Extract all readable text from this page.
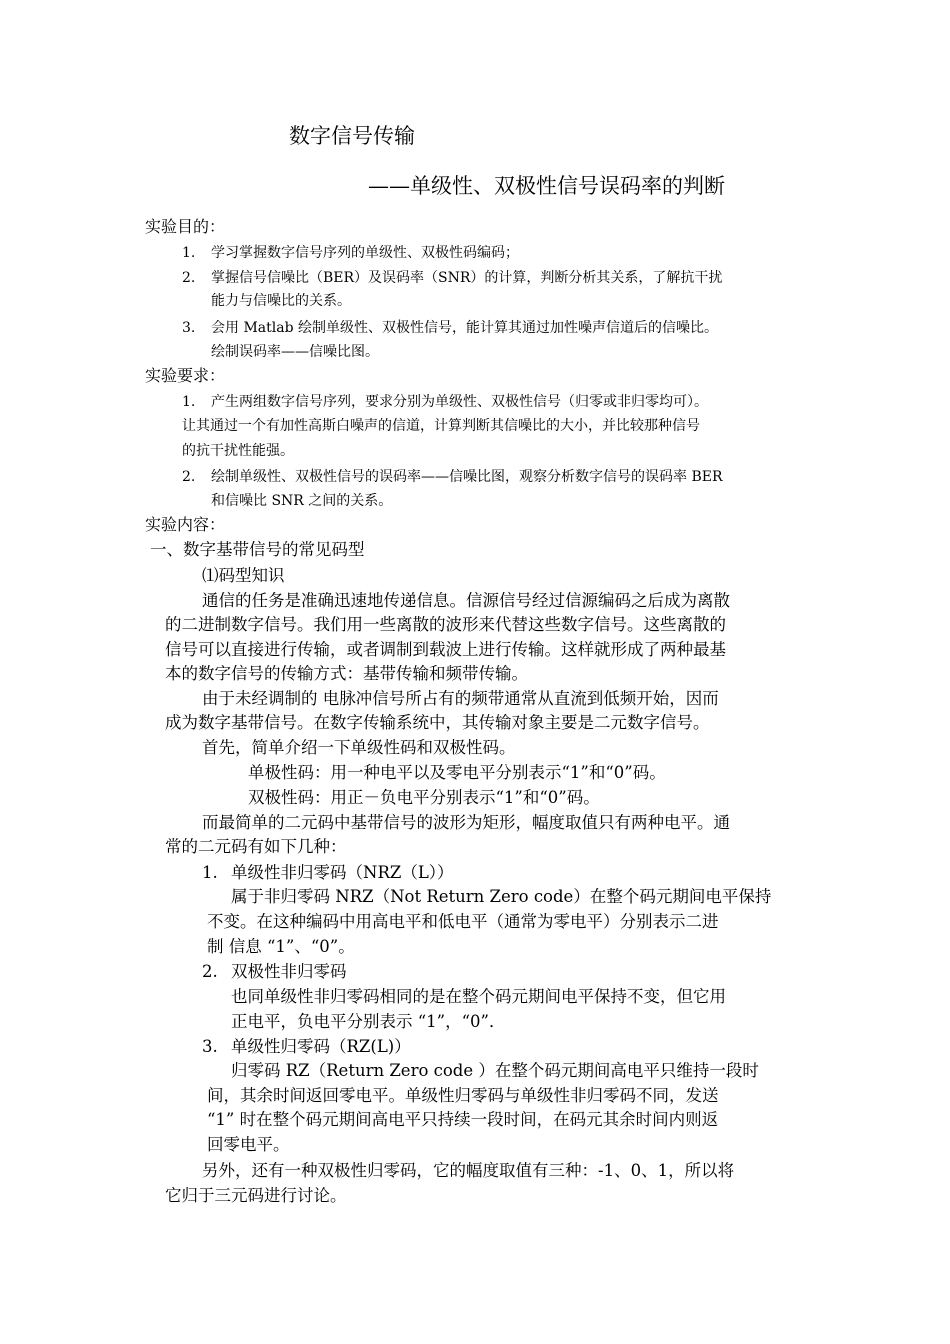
数字信号传输
——单级性、双极性信号误码率的判断
实验目的：
1. 学习掌握数字信号序列的单级性、双极性码编码；
2. 掌握信号信噪比（BER）及误码率（SNR）的计算，判断分析其关系，了解抗干扰
能力与信噪比的关系。
3. 会用 Matlab 绘制单级性、双极性信号，能计算其通过加性噪声信道后的信噪比。
绘制误码率——信噪比图。
实验要求：
1. 产生两组数字信号序列，要求分别为单级性、双极性信号（归零或非归零均可）。
让其通过一个有加性高斯白噪声的信道，计算判断其信噪比的大小，并比较那种信号
的抗干扰性能强。
2. 绘制单级性、双极性信号的误码率——信噪比图，观察分析数字信号的误码率 BER
和信噪比 SNR 之间的关系。
实验内容：
一、数字基带信号的常见码型
⑴码型知识
通信的任务是准确迅速地传递信息。信源信号经过信源编码之后成为离散
的二进制数字信号。我们用一些离散的波形来代替这些数字信号。这些离散的
信号可以直接进行传输，或者调制到载波上进行传输。这样就形成了两种最基
本的数字信号的传输方式：基带传输和频带传输。
由于未经调制的 电脉冲信号所占有的频带通常从直流到低频开始，因而
成为数字基带信号。在数字传输系统中，其传输对象主要是二元数字信号。
首先，简单介绍一下单级性码和双极性码。
单极性码：用一种电平以及零电平分别表示“1”和“0”码。
双极性码：用正－负电平分别表示“1”和“0”码。
而最简单的二元码中基带信号的波形为矩形，幅度取值只有两种电平。通
常的二元码有如下几种：
1. 单级性非归零码（NRZ（L））
属于非归零码 NRZ（Not Return Zero code）在整个码元期间电平保持
不变。在这种编码中用高电平和低电平（通常为零电平）分别表示二进
制 信息 “1”、“0”。
2. 双极性非归零码
也同单级性非归零码相同的是在整个码元期间电平保持不变，但它用
正电平，负电平分别表示 “1”，“0”．
3. 单级性归零码（RZ(L)）
归零码 RZ（Return Zero code ）在整个码元期间高电平只维持一段时
间，其余时间返回零电平。单级性归零码与单级性非归零码不同，发送
“1” 时在整个码元期间高电平只持续一段时间，在码元其余时间内则返
回零电平。
另外，还有一种双极性归零码，它的幅度取值有三种：-1、0、1，所以将
它归于三元码进行讨论。
